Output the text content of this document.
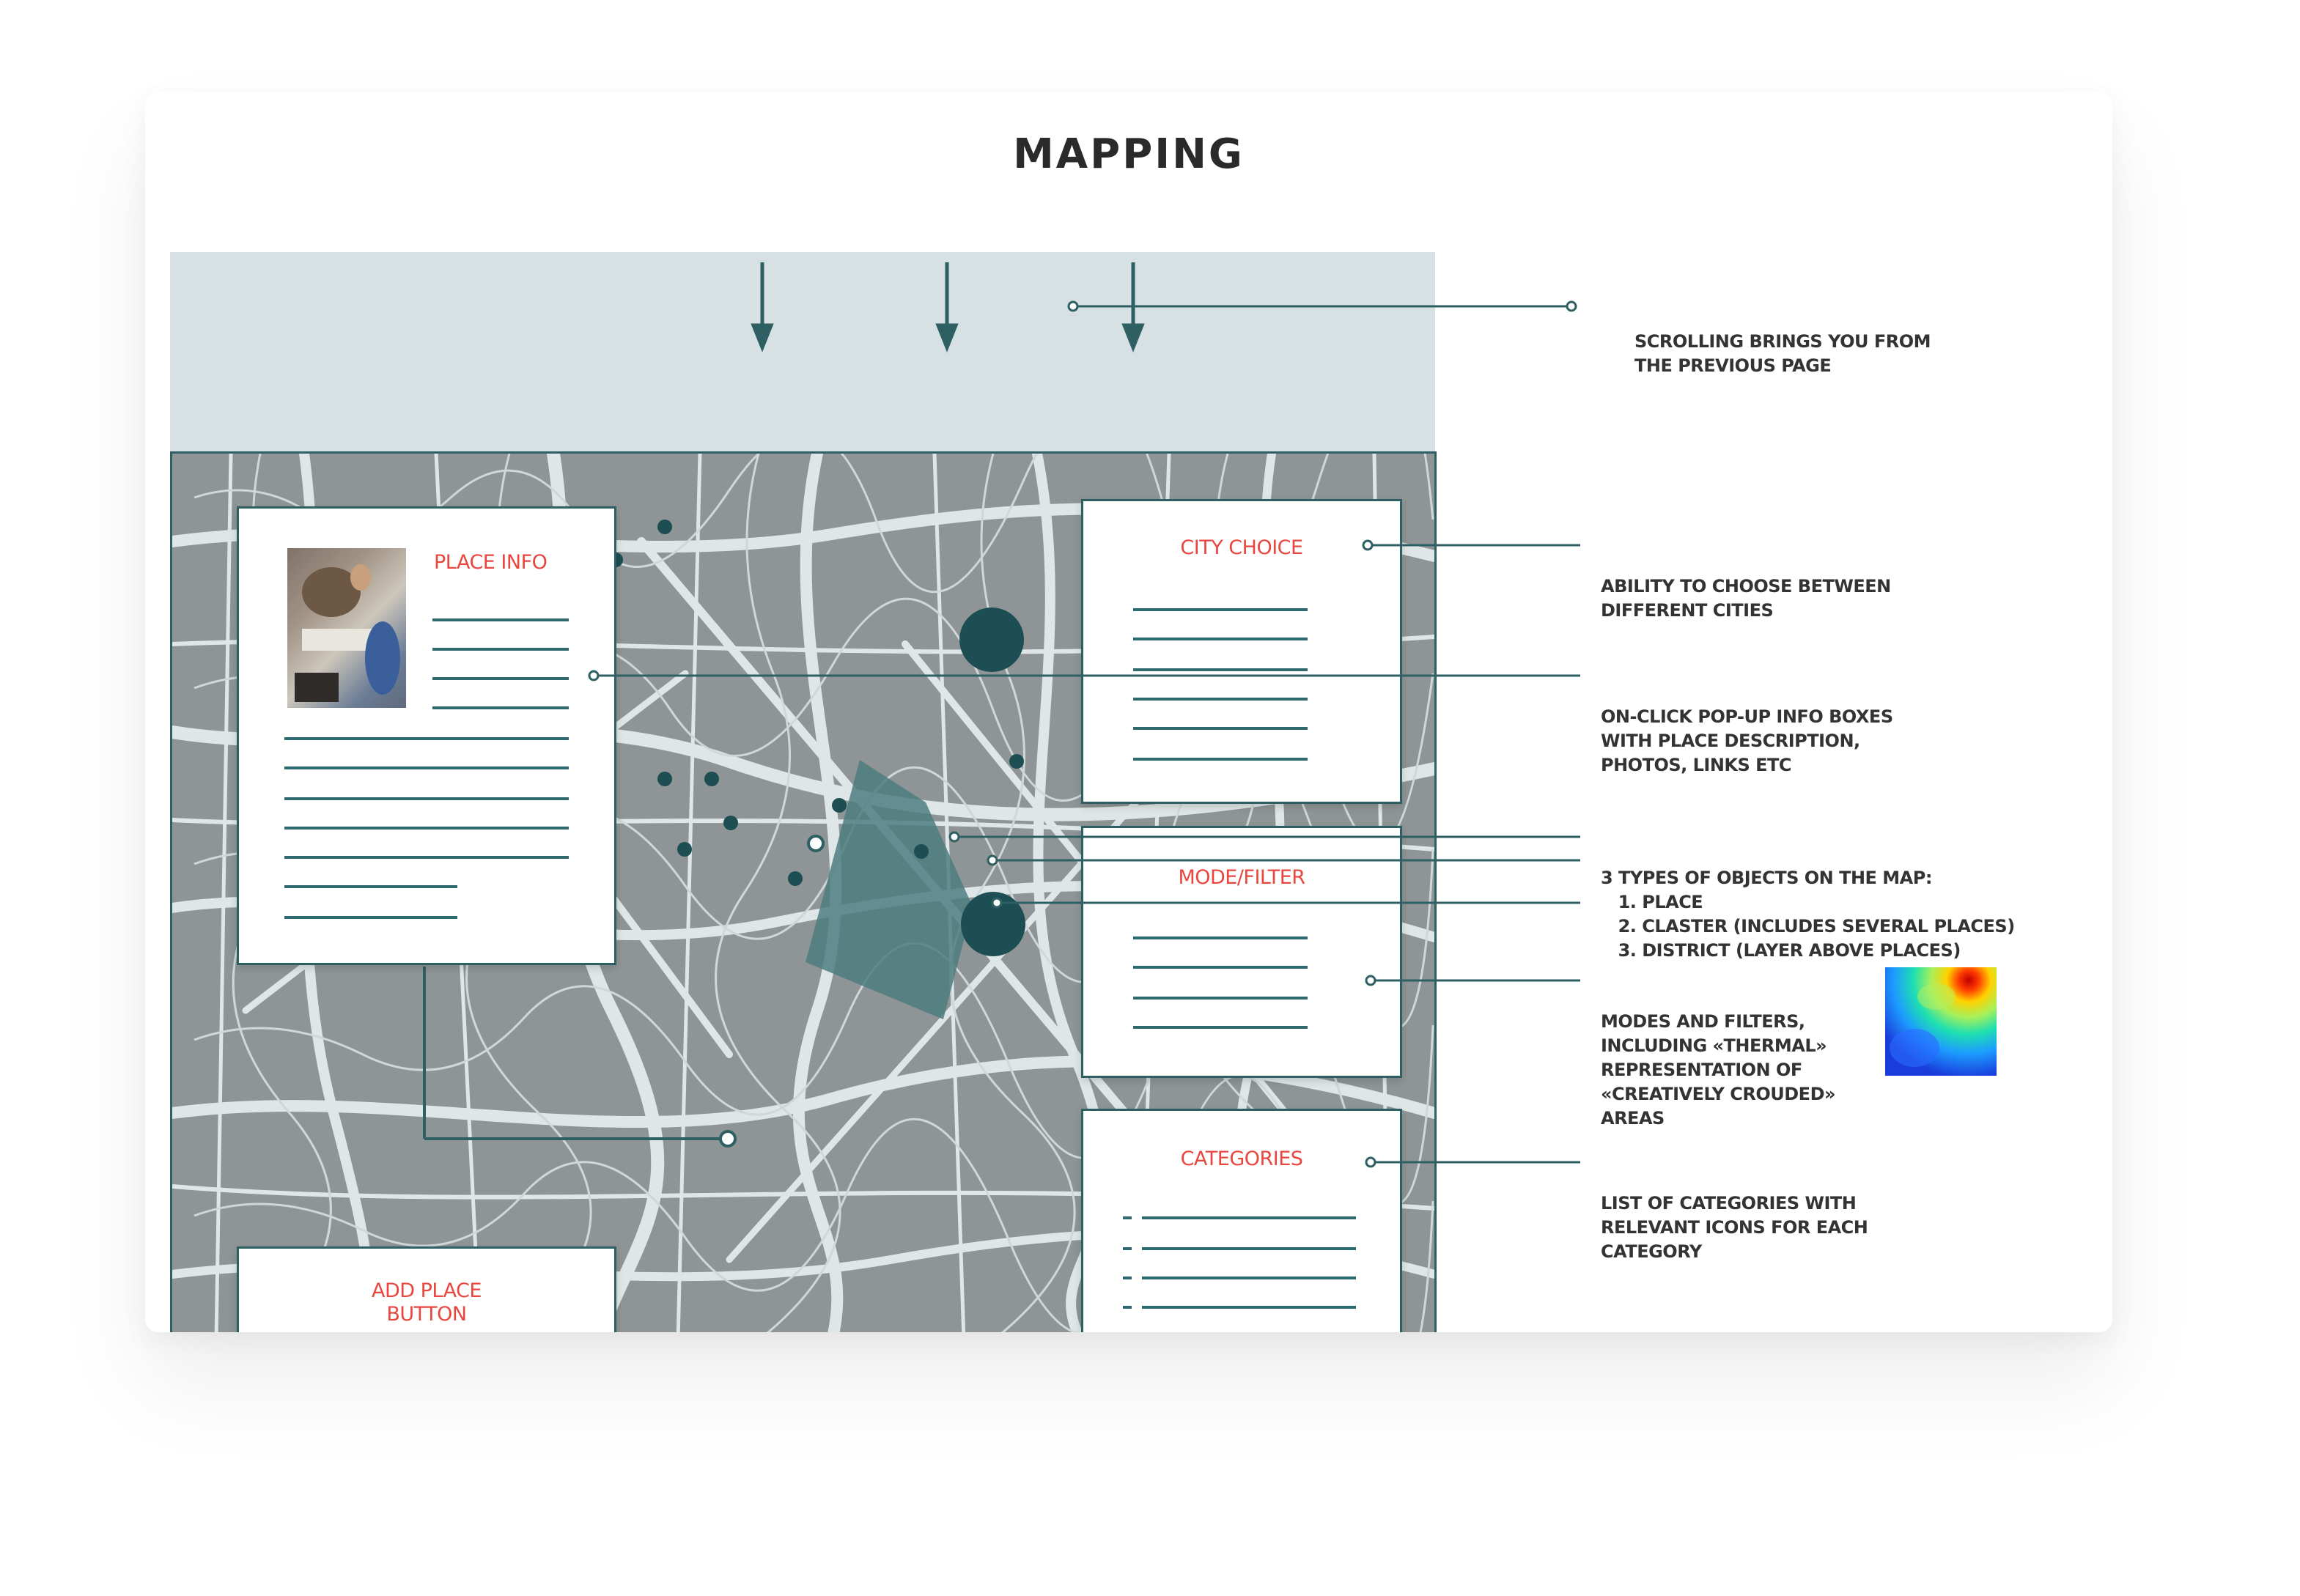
MAPPING
PLACE INFO
ADD PLACE
BUTTON
CITY CHOICE
MODE/FILTER
CATEGORIES

SCROLLING BRINGS YOU FROM
THE PREVIOUS PAGE

ABILITY TO CHOOSE BETWEEN
DIFFERENT CITIES

ON-CLICK POP-UP INFO BOXES
WITH PLACE DESCRIPTION,
PHOTOS, LINKS ETC

3 TYPES OF OBJECTS ON THE MAP:
1. PLACE
2. CLASTER (INCLUDES SEVERAL PLACES)
3. DISTRICT (LAYER ABOVE PLACES)

MODES AND FILTERS,
INCLUDING «THERMAL»
REPRESENTATION OF
«CREATIVELY CROUDED»
AREAS

LIST OF CATEGORIES WITH
RELEVANT ICONS FOR EACH
CATEGORY
